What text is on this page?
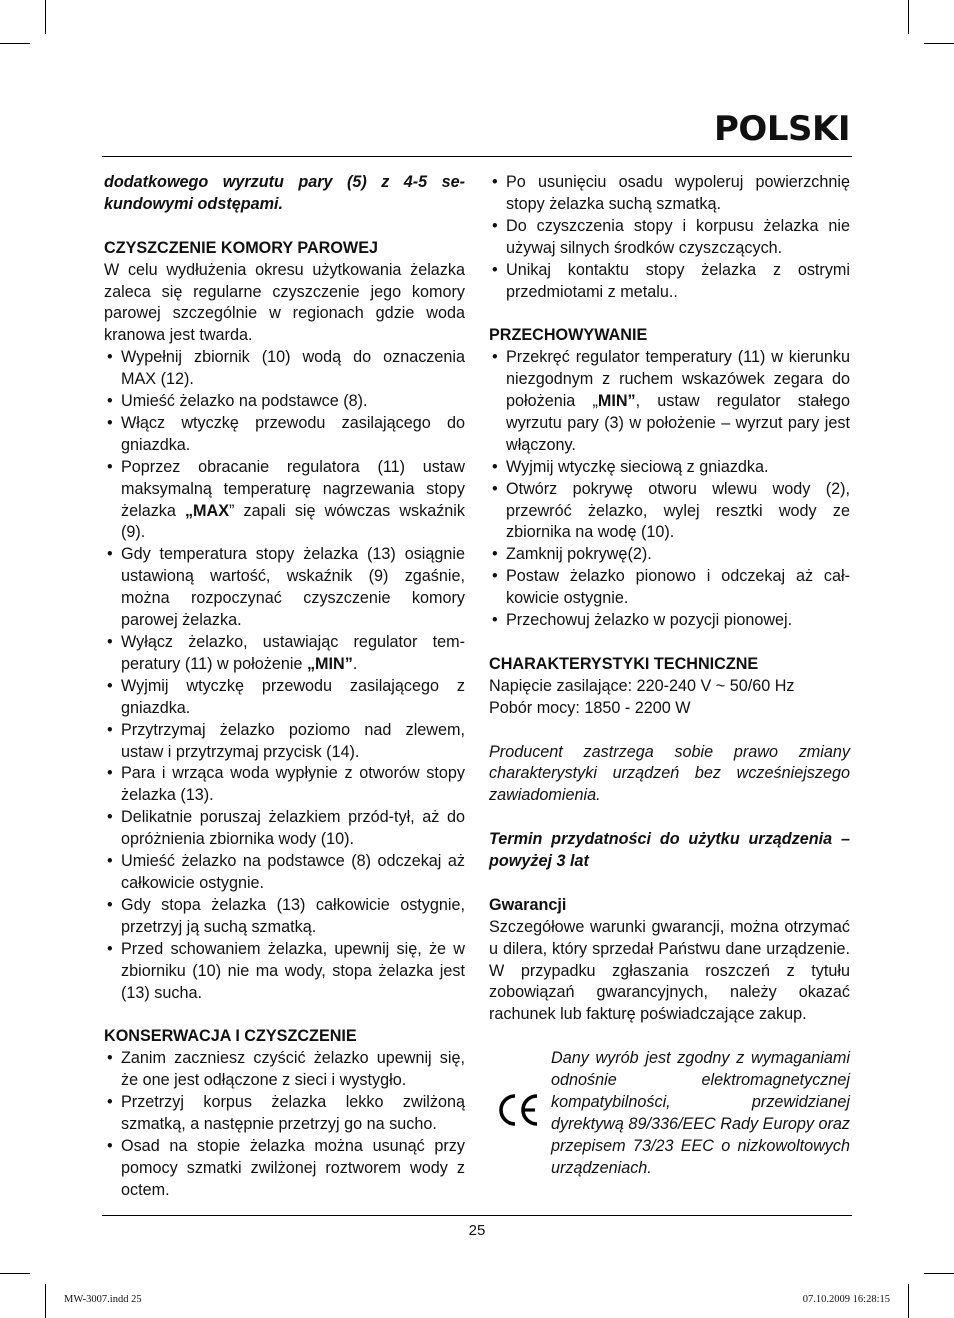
POLSKI

dodatkowego wyrzutu pary (5) z 4-5 sekundowymi odstępami.

CZYSZCZENIE KOMORY PAROWEJ

W celu wydłużenia okresu użytkowania żelazka zaleca się regularne czyszczenie jego komory parowej szczególnie w regionach gdzie woda kranowa jest twarda.

• Wypełnij zbiornik (10) wodą do oznaczenia MAX (12).
• Umieść żelazko na podstawce (8).
• Włącz wtyczkę przewodu zasilającego do gniazdka.
• Poprzez obracanie regulatora (11) ustaw maksymalną temperaturę nagrzewania stopy żelazka „MAX” zapali się wówczas wskaźnik (9).
• Gdy temperatura stopy żelazka (13) osiągnie ustawioną wartość, wskaźnik (9) zgaśnie, można rozpoczynać czyszczenie komory parowej żelazka.
• Wyłącz żelazko, ustawiając regulator temperatury (11) w położenie „MIN”.
• Wyjmij wtyczkę przewodu zasilającego z gniazdka.
• Przytrzymaj żelazko poziomo nad zlewem, ustaw i przytrzymaj przycisk (14).
• Para i wrząca woda wypłynie z otworów stopy żelazka (13).
• Delikatnie poruszaj żelazkiem przód-tył, aż do opróżnienia zbiornika wody (10).
• Umieść żelazko na podstawce (8) odczekaj aż całkowicie ostygnie.
• Gdy stopa żelazka (13) całkowicie ostygnie, przetrzyj ją suchą szmatką.
• Przed schowaniem żelazka, upewnij się, że w zbiorniku (10) nie ma wody, stopa żelazka jest (13) sucha.
KONSERWACJA I CZYSZCZENIE
• Zanim zaczniesz czyścić żelazko upewnij się, że one jest odłączone z sieci i wystygło.
• Przetrzyj korpus żelazka lekko zwilżoną szmatką, a następnie przetrzyj go na sucho.
• Osad na stopie żelazka można usunąć przy pomocy szmatki zwilżonej roztworem wody z octem.
• Po usunięciu osadu wypoleruj powierzchnię stopy żelazka suchą szmatką.
• Do czyszczenia stopy i korpusu żelazka nie używaj silnych środków czyszczących.
• Unikaj kontaktu stopy żelazka z ostrymi przedmiotami z metalu..
PRZECHOWYWANIE
• Przekręć regulator temperatury (11) w kierunku niezgodnym z ruchem wskazówek zegara do położenia „MIN”, ustaw regulator stałego wyrzutu pary (3) w położenie – wyrzut pary jest włączony.
• Wyjmij wtyczkę sieciową z gniazdka.
• Otwórz pokrywę otworu wlewu wody (2), przewróć żelazko, wylej resztki wody ze zbiornika na wodę (10).
• Zamknij pokrywę(2).
• Postaw żelazko pionowo i odczekaj aż całkowicie ostygnie.
• Przechowuj żelazko w pozycji pionowej.
CHARAKTERYSTYKI TECHNICZNE

Napięcie zasilające: 220-240 V ~ 50/60 Hz

Pobór mocy: 1850 - 2200 W

Producent zastrzega sobie prawo zmiany charakterystyki urządzeń bez wcześniejszego zawiadomienia.

Termin przydatności do użytku urządzenia – powyżej 3 lat

Gwarancji

Szczegółowe warunki gwarancji, można otrzymać u dilera, który sprzedał Państwu dane urządzenie. W przypadku zgłaszania roszczeń z tytułu zobowiązań gwarancyjnych, należy okazać rachunek lub fakturę poświadczające zakup.

Dany wyrób jest zgodny z wymaganiami odnośnie elektromagnetycznej kompatybilności, przewidzianej dyrektywą 89/336/EEC Rady Europy oraz przepisem 73/23 EEC o nizkowoltowych urządzeniach.

25
MW-3007.indd 25	07.10.2009 16:28:15
